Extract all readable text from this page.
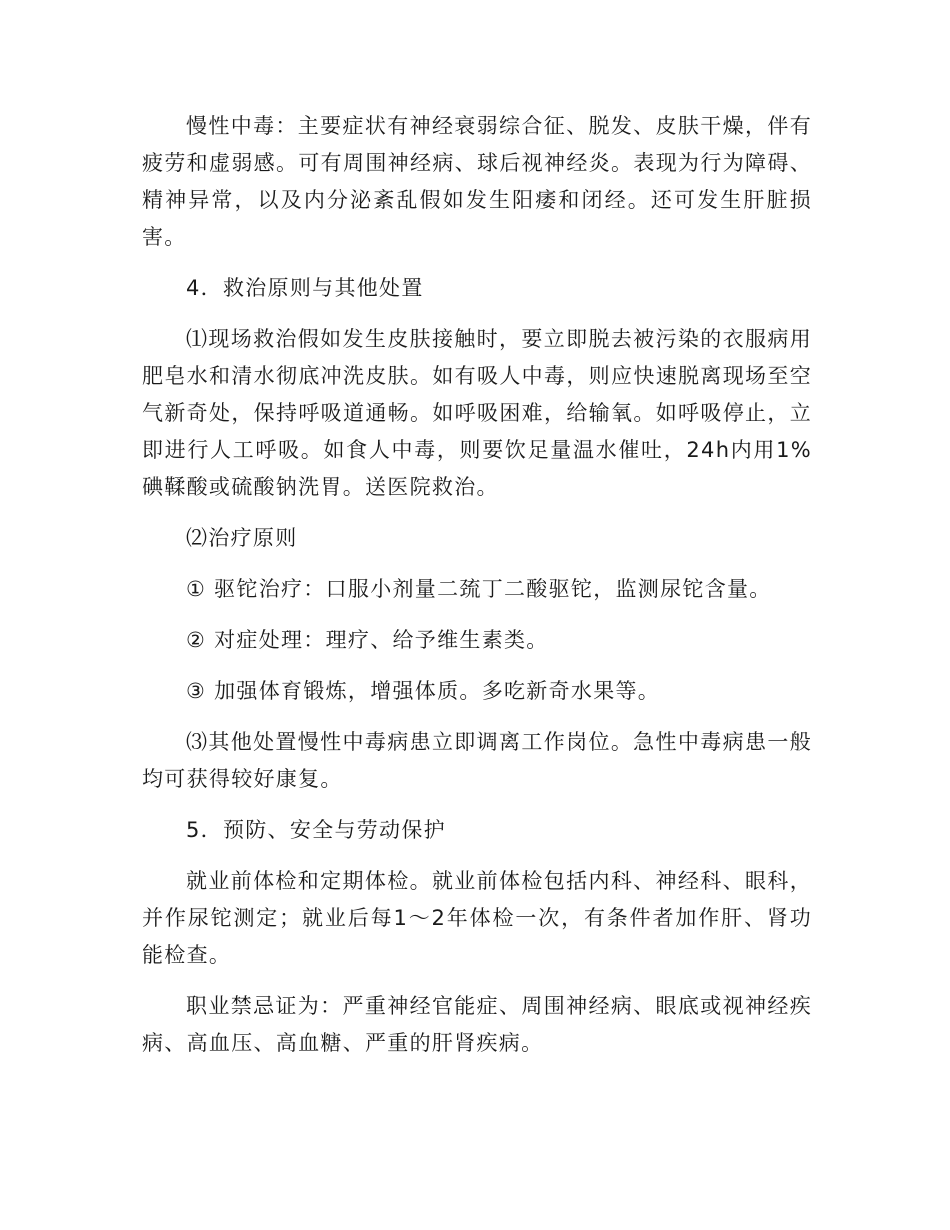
慢性中毒：主要症状有神经衰弱综合征、脱发、皮肤干燥，伴有疲劳和虚弱感。可有周围神经病、球后视神经炎。表现为行为障碍、精神异常，以及内分泌紊乱假如发生阳痿和闭经。还可发生肝脏损害。

4．救治原则与其他处置

⑴现场救治假如发生皮肤接触时，要立即脱去被污染的衣服病用肥皂水和清水彻底冲洗皮肤。如有吸人中毒，则应快速脱离现场至空气新奇处，保持呼吸道通畅。如呼吸困难，给输氧。如呼吸停止，立即进行人工呼吸。如食人中毒，则要饮足量温水催吐，24h内用1%碘鞣酸或硫酸钠洗胃。送医院救治。

⑵治疗原则

① 驱铊治疗：口服小剂量二巯丁二酸驱铊，监测尿铊含量。

② 对症处理：理疗、给予维生素类。

③ 加强体育锻炼，增强体质。多吃新奇水果等。

⑶其他处置慢性中毒病患立即调离工作岗位。急性中毒病患一般均可获得较好康复。

5．预防、安全与劳动保护

就业前体检和定期体检。就业前体检包括内科、神经科、眼科，并作尿铊测定；就业后每1～2年体检一次，有条件者加作肝、肾功能检查。

职业禁忌证为：严重神经官能症、周围神经病、眼底或视神经疾病、高血压、高血糖、严重的肝肾疾病。
